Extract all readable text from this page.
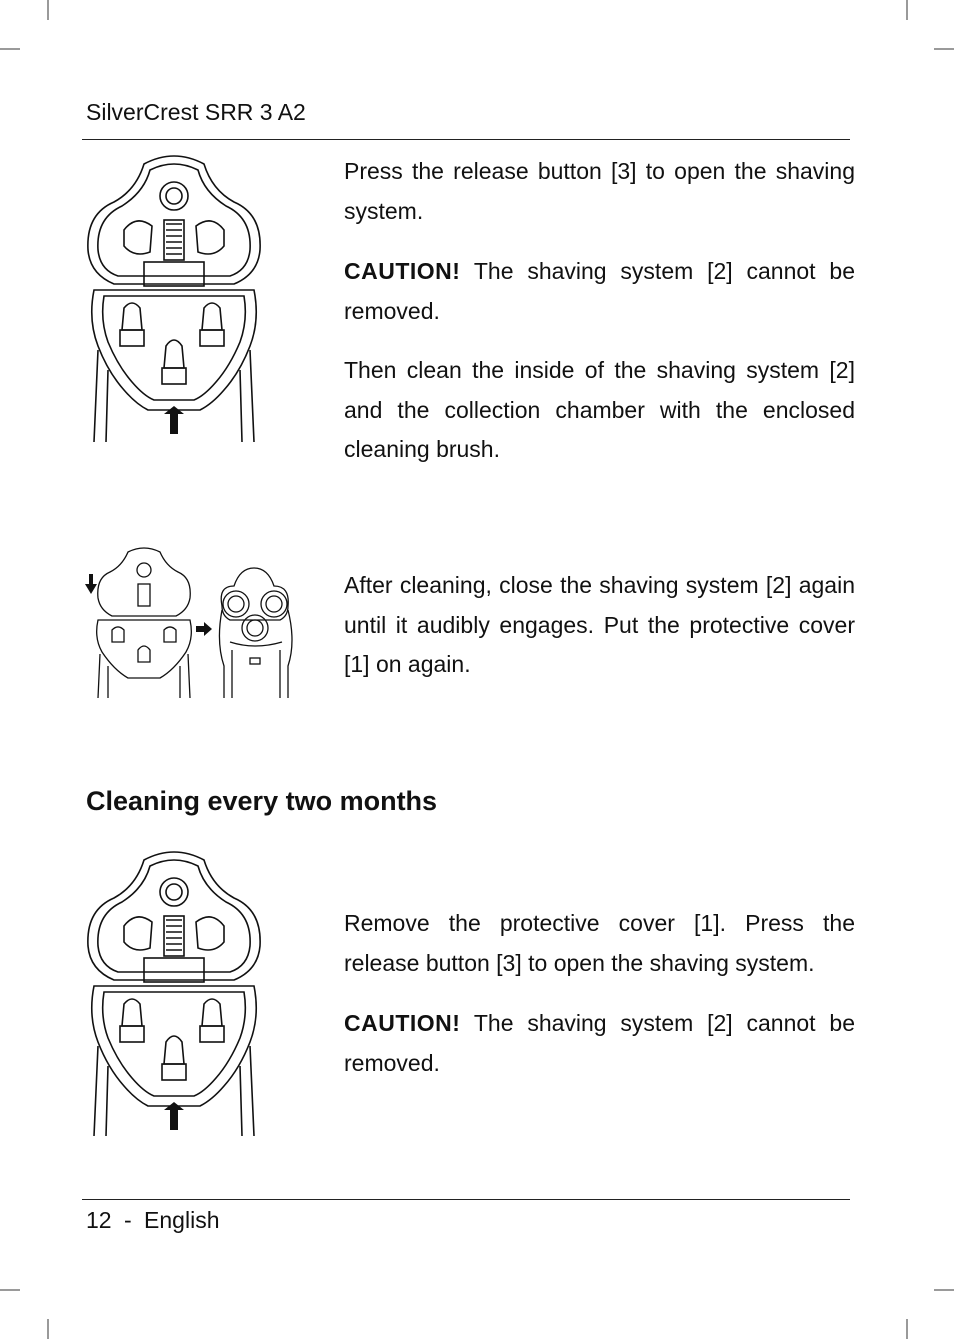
SilverCrest SRR 3 A2

Press the release button [3] to open the shaving system.

CAUTION! The shaving system [2] cannot be removed.

Then clean the inside of the shaving system [2] and the collection chamber with the enclosed cleaning brush.

After cleaning, close the shaving system [2] again until it audibly engages. Put the protective cover [1] on again.

Cleaning every two months

Remove the protective cover [1]. Press the release button [3] to open the shaving system.

CAUTION! The shaving system [2] cannot be removed.

12 - English
